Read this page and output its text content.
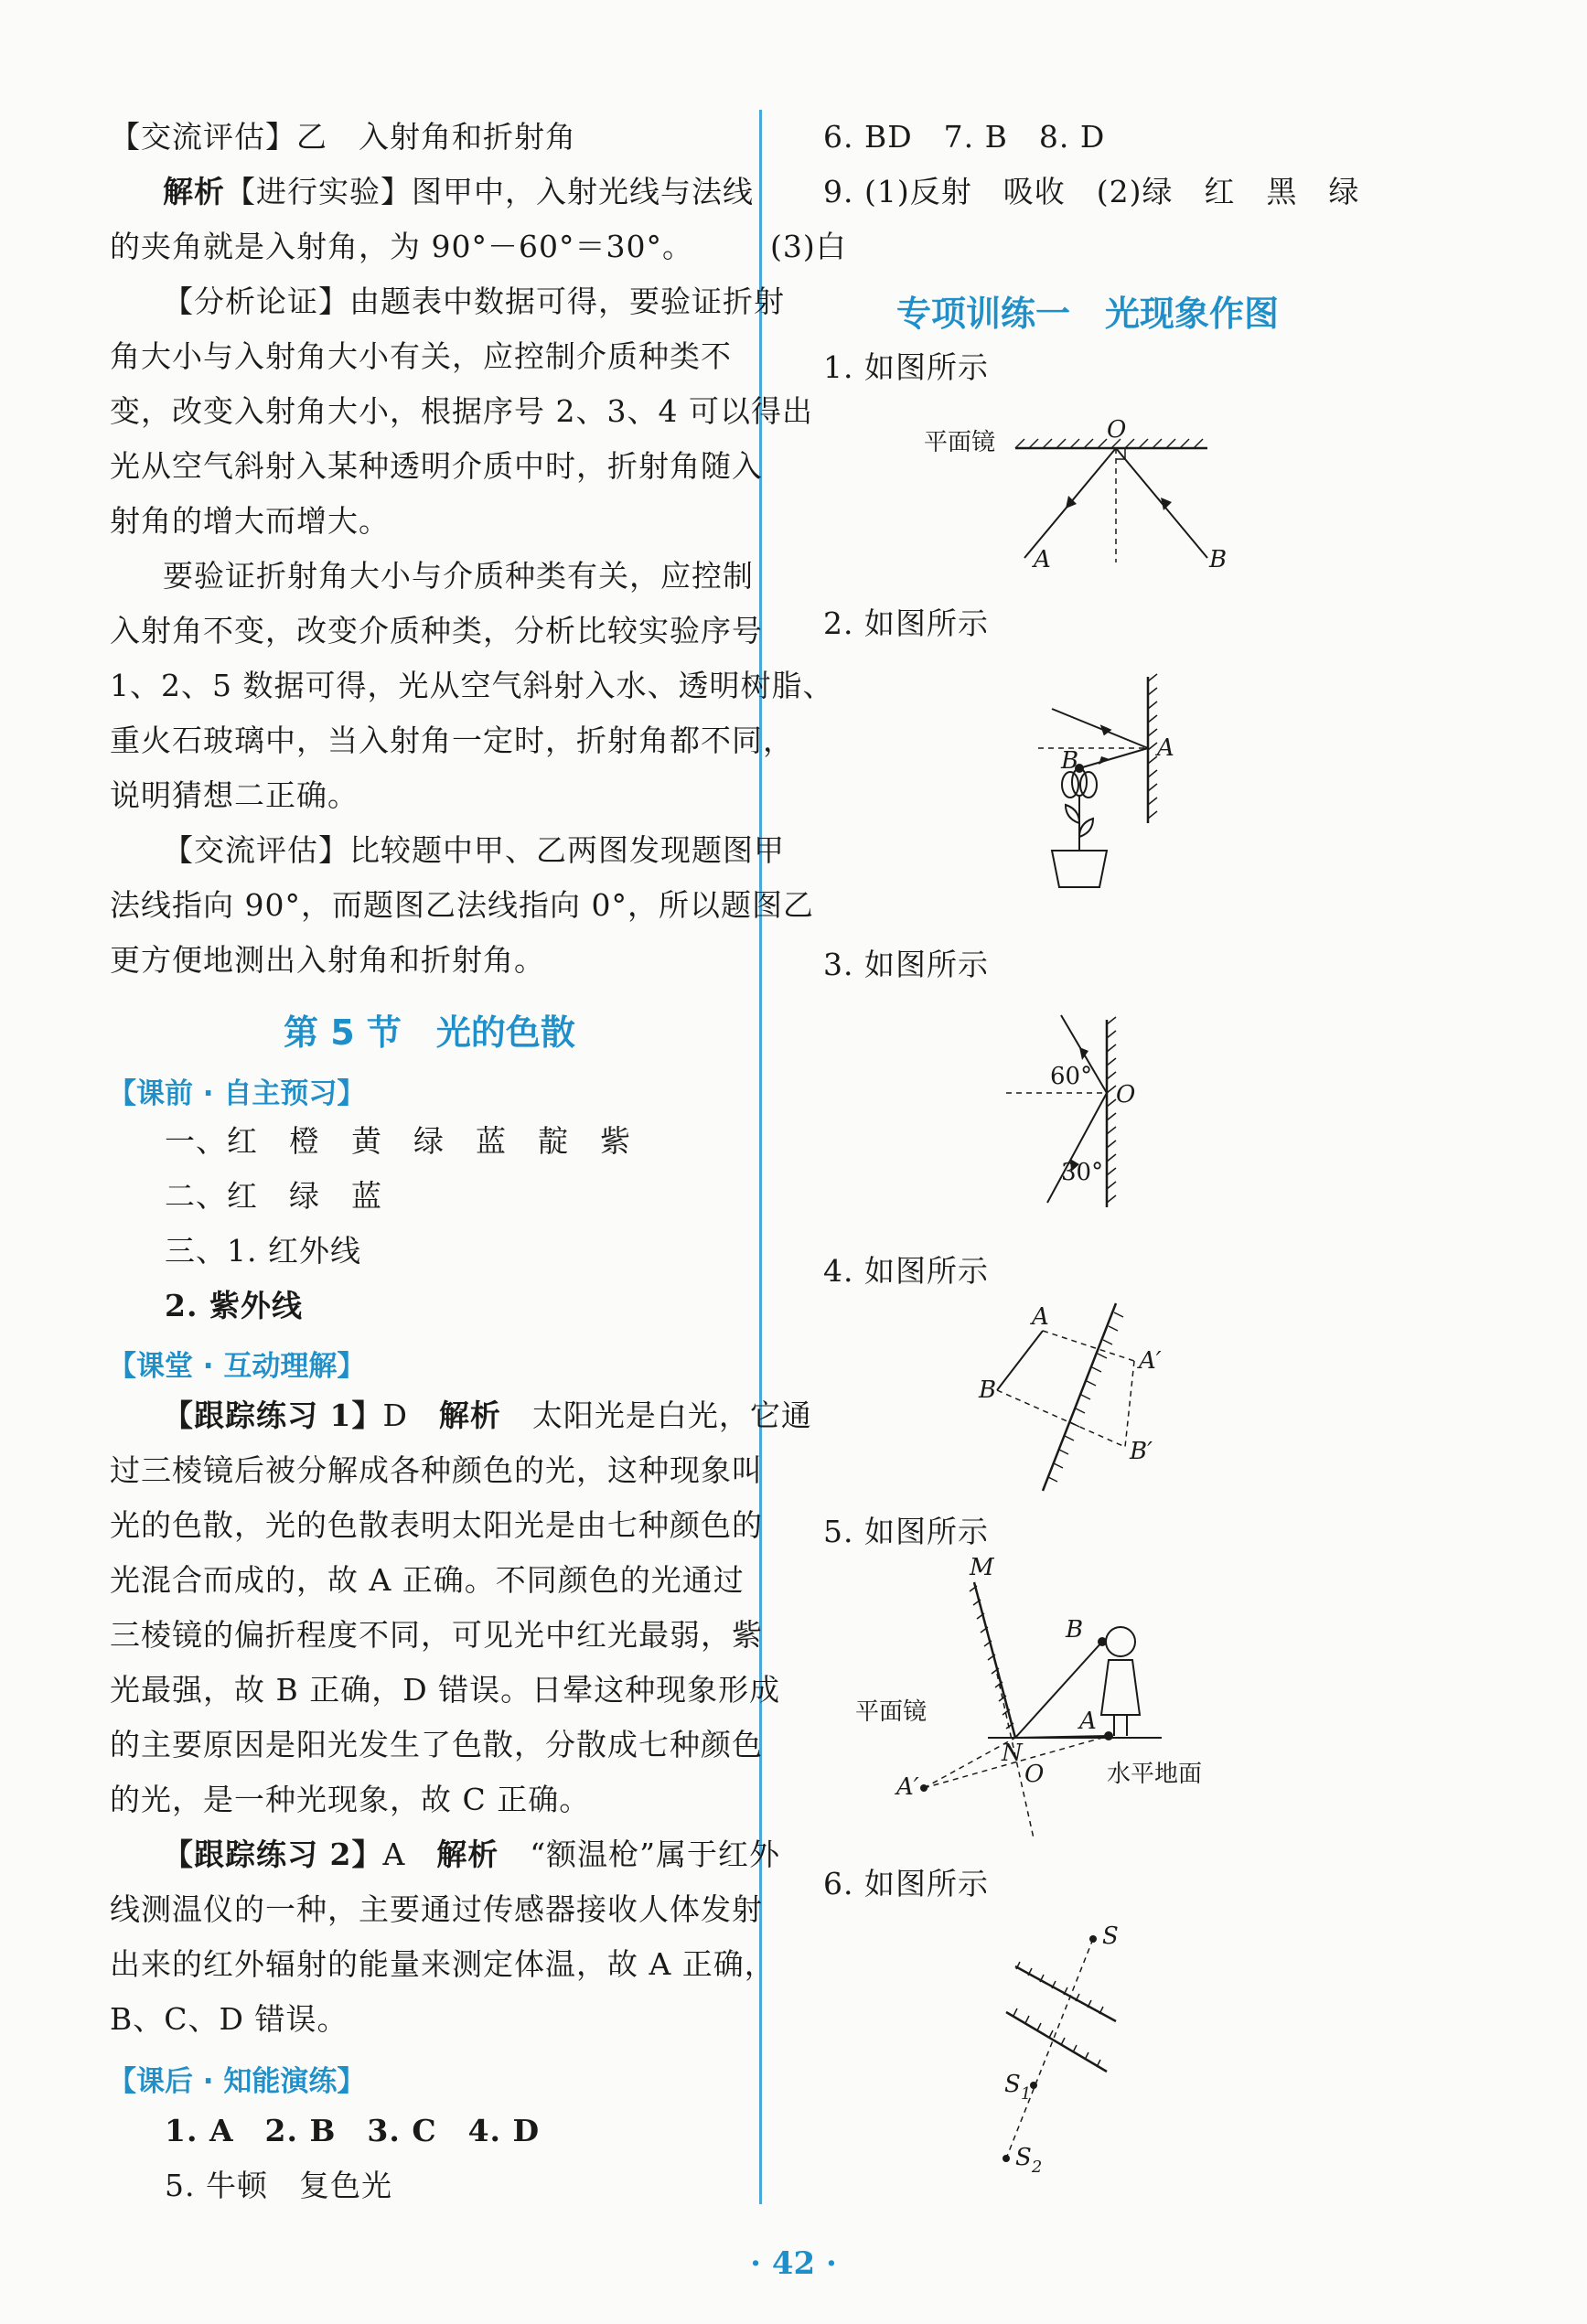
【交流评估】乙　入射角和折射角
解析【进行实验】图甲中，入射光线与法线
的夹角就是入射角，为 90°－60°＝30°。
【分析论证】由题表中数据可得，要验证折射
角大小与入射角大小有关，应控制介质种类不
变，改变入射角大小，根据序号 2、3、4 可以得出
光从空气斜射入某种透明介质中时，折射角随入
射角的增大而增大。
要验证折射角大小与介质种类有关，应控制
入射角不变，改变介质种类，分析比较实验序号
1、2、5 数据可得，光从空气斜射入水、透明树脂、
重火石玻璃中，当入射角一定时，折射角都不同，
说明猜想二正确。
【交流评估】比较题中甲、乙两图发现题图甲
法线指向 90°，而题图乙法线指向 0°，所以题图乙
更方便地测出入射角和折射角。
第 5 节　光的色散
【课前 · 自主预习】
一、红　橙　黄　绿　蓝　靛　紫
二、红　绿　蓝
三、1. 红外线
2. 紫外线
【课堂 · 互动理解】
【跟踪练习 1】D　 解析　 太阳光是白光，它通
过三棱镜后被分解成各种颜色的光，这种现象叫
光的色散，光的色散表明太阳光是由七种颜色的
光混合而成的，故 A 正确。不同颜色的光通过
三棱镜的偏折程度不同，可见光中红光最弱，紫
光最强，故 B 正确，D 错误。日晕这种现象形成
的主要原因是阳光发生了色散，分散成七种颜色
的光，是一种光现象，故 C 正确。
【跟踪练习 2】A　 解析　 “额温枪”属于红外
线测温仪的一种，主要通过传感器接收人体发射
出来的红外辐射的能量来测定体温，故 A 正确，
B、C、D 错误。
【课后 · 知能演练】
1. A　2. B　3. C　4. D
5. 牛顿　复色光
6. BD　7. B　8. D
9. (1)反射　吸收　(2)绿　红　黑　绿
(3)白
专项训练一　光现象作图
1. 如图所示
2. 如图所示
3. 如图所示
4. 如图所示
5. 如图所示
6. 如图所示
平面镜	O
A	B
A
B
60°
O
30°
A
B
A′
B′
M
B
A
平面镜
N
A′	O	水平地面
S
$S_1$
$S_2$
· 42 ·
